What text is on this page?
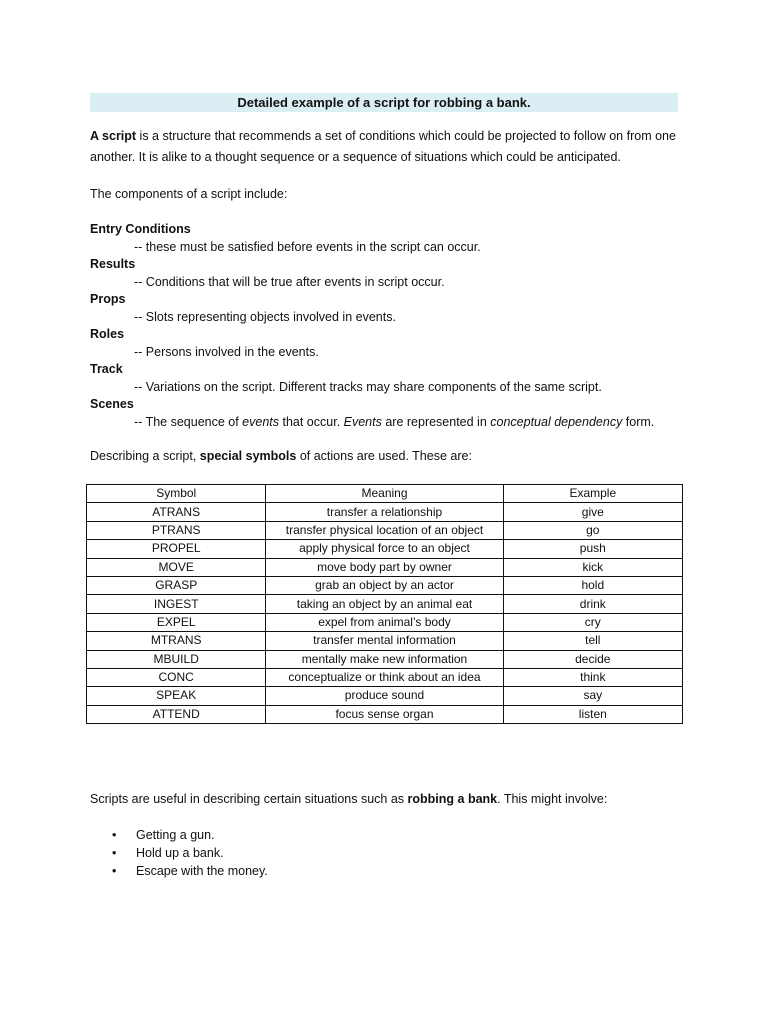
Detailed example of a script for robbing a bank.
A script is a structure that recommends a set of conditions which could be projected to follow on from one another. It is alike to a thought sequence or a sequence of situations which could be anticipated.
The components of a script include:
Entry Conditions
-- these must be satisfied before events in the script can occur.
Results
-- Conditions that will be true after events in script occur.
Props
-- Slots representing objects involved in events.
Roles
-- Persons involved in the events.
Track
-- Variations on the script. Different tracks may share components of the same script.
Scenes
-- The sequence of events that occur. Events are represented in conceptual dependency form.
Describing a script, special symbols of actions are used. These are:
Symbol	Meaning	Example
ATRANS	transfer a relationship	give
PTRANS	transfer physical location of an object	go
PROPEL	apply physical force to an object	push
MOVE	move body part by owner	kick
GRASP	grab an object by an actor	hold
INGEST	taking an object by an animal eat	drink
EXPEL	expel from animal’s body	cry
MTRANS	transfer mental information	tell
MBUILD	mentally make new information	decide
CONC	conceptualize or think about an idea	think
SPEAK	produce sound	say
ATTEND	focus sense organ	listen
Scripts are useful in describing certain situations such as robbing a bank. This might involve:
• Getting a gun.
• Hold up a bank.
• Escape with the money.
